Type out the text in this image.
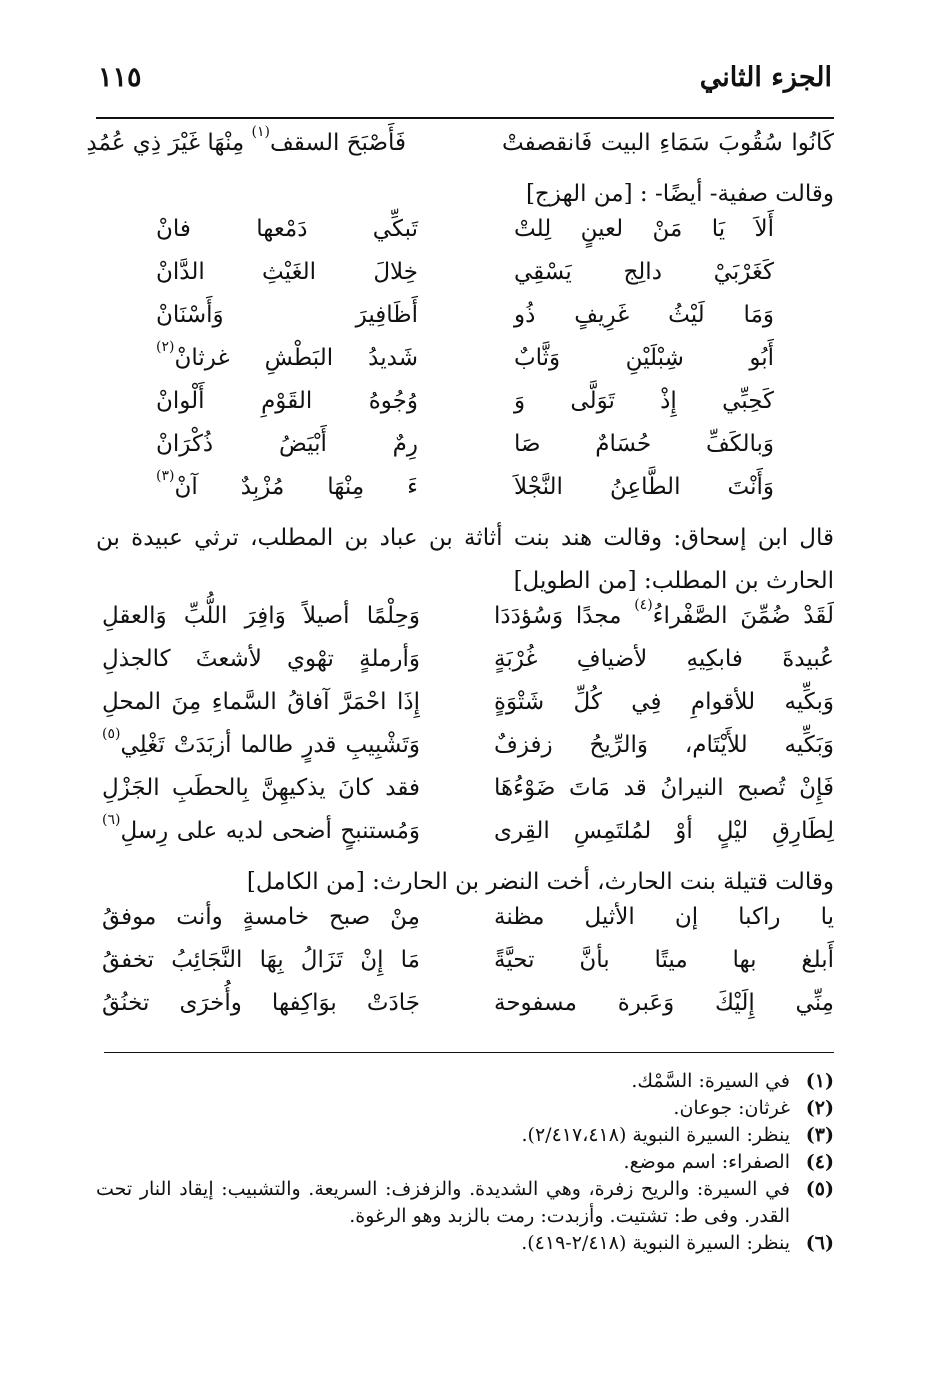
الجزء الثاني
١١٥
كَانُوا سُقُوبَ سَمَاءِ البيت فَانقصفتْ
فَأَصْبَحَ السقف$^{(١)}$ مِنْهَا غَيْرَ ذِي عُمُدِ
وقالت صفية- أيضًا- : [من الهزج]
أَلاَ يَا مَنْ لعينٍ لِلتْ
تَبكِّي دَمْعها فانْ
كَغَرْبَيْ دالِج يَسْقِي
خِلالَ الغَيْثِ الدَّانْ
وَمَا لَيْثُ غَرِيفٍ ذُو
أَظَافِيرَ وَأَسْنَانْ
أَبُو شِبْلَيْنِ وَثَّابٌ
شَديدُ البَطْشِ غرثانْ$^{(٢)}$
كَحِبِّي إِذْ تَوَلَّى وَ
وُجُوهُ القَوْمِ أَلْوانْ
وَبالكَفِّ حُسَامٌ صَا
رِمٌ أَبْيَضُ ذُكْرَانْ
وَأَنْتَ الطَّاعِنُ النَّجْلاَ
ءَ مِنْهَا مُزْبِدٌ آنْ$^{(٣)}$
قال ابن إسحاق: وقالت هند بنت أثاثة بن عباد بن المطلب، ترثي عبيدة بن
الحارث بن المطلب: [من الطويل]
لَقَدْ ضُمِّنَ الصَّفْراءُ$^{(٤)}$ مجدًا وَسُؤدَدَا
وَحِلْمًا أصيلاً وَافِرَ اللُّبِّ وَالعقلِ
عُبيدةَ فابكِيهِ لأضيافِ غُرْبَةٍ
وَأرملةٍ تهْوي لأشعثَ كالجذلِ
وَبكِّيه للأقوامِ فِي كُلِّ شَتْوَةٍ
إِذَا احْمَرَّ آفاقُ السَّماءِ مِنَ المحلِ
وَبَكِّيه للأَيْتَام، وَالرِّيحُ زفزفٌ
وَتَشْبِيبِ قدرٍ طالما أزبَدَتْ تَغْلِي$^{(٥)}$
فَإِنْ تُصبح النيرانُ قد مَاتَ ضَوْءُهَا
فقد كانَ يذكيهِنَّ بِالحطَبِ الجَزْلِ
لِطَارِقِ ليْلٍ أوْ لمُلتَمِسِ القِرى
وَمُستنبحٍ أضحى لديه على رِسلِ$^{(٦)}$
وقالت قتيلة بنت الحارث، أخت النضر بن الحارث: [من الكامل]
يا راكبا إن الأثيل مظنة
مِنْ صبح خامسةٍ وأنت موفقُ
أَبلغ بها ميتًا بأنَّ تحيَّةً
مَا إِنْ تَزَالُ بِهَا النَّجَائِبُ تخفقُ
مِنِّي إِلَيْكَ وَعَبرة مسفوحة
جَادَتْ بوَاكِفها وأُخرَى تخنُقُ
(١)
في السيرة: السَّمْك.
(٢)
غرثان: جوعان.
(٣)
ينظر: السيرة النبوية (٢/٤١٧،٤١٨).
(٤)
الصفراء: اسم موضع.
(٥)
في السيرة: والريح زفرة، وهي الشديدة. والزفزف: السريعة. والتشبيب: إيقاد النار تحت
القدر. وفى ط: تشتيت. وأزبدت: رمت بالزبد وهو الرغوة.
(٦)
ينظر: السيرة النبوية (٢/٤١٨-٤١٩).
